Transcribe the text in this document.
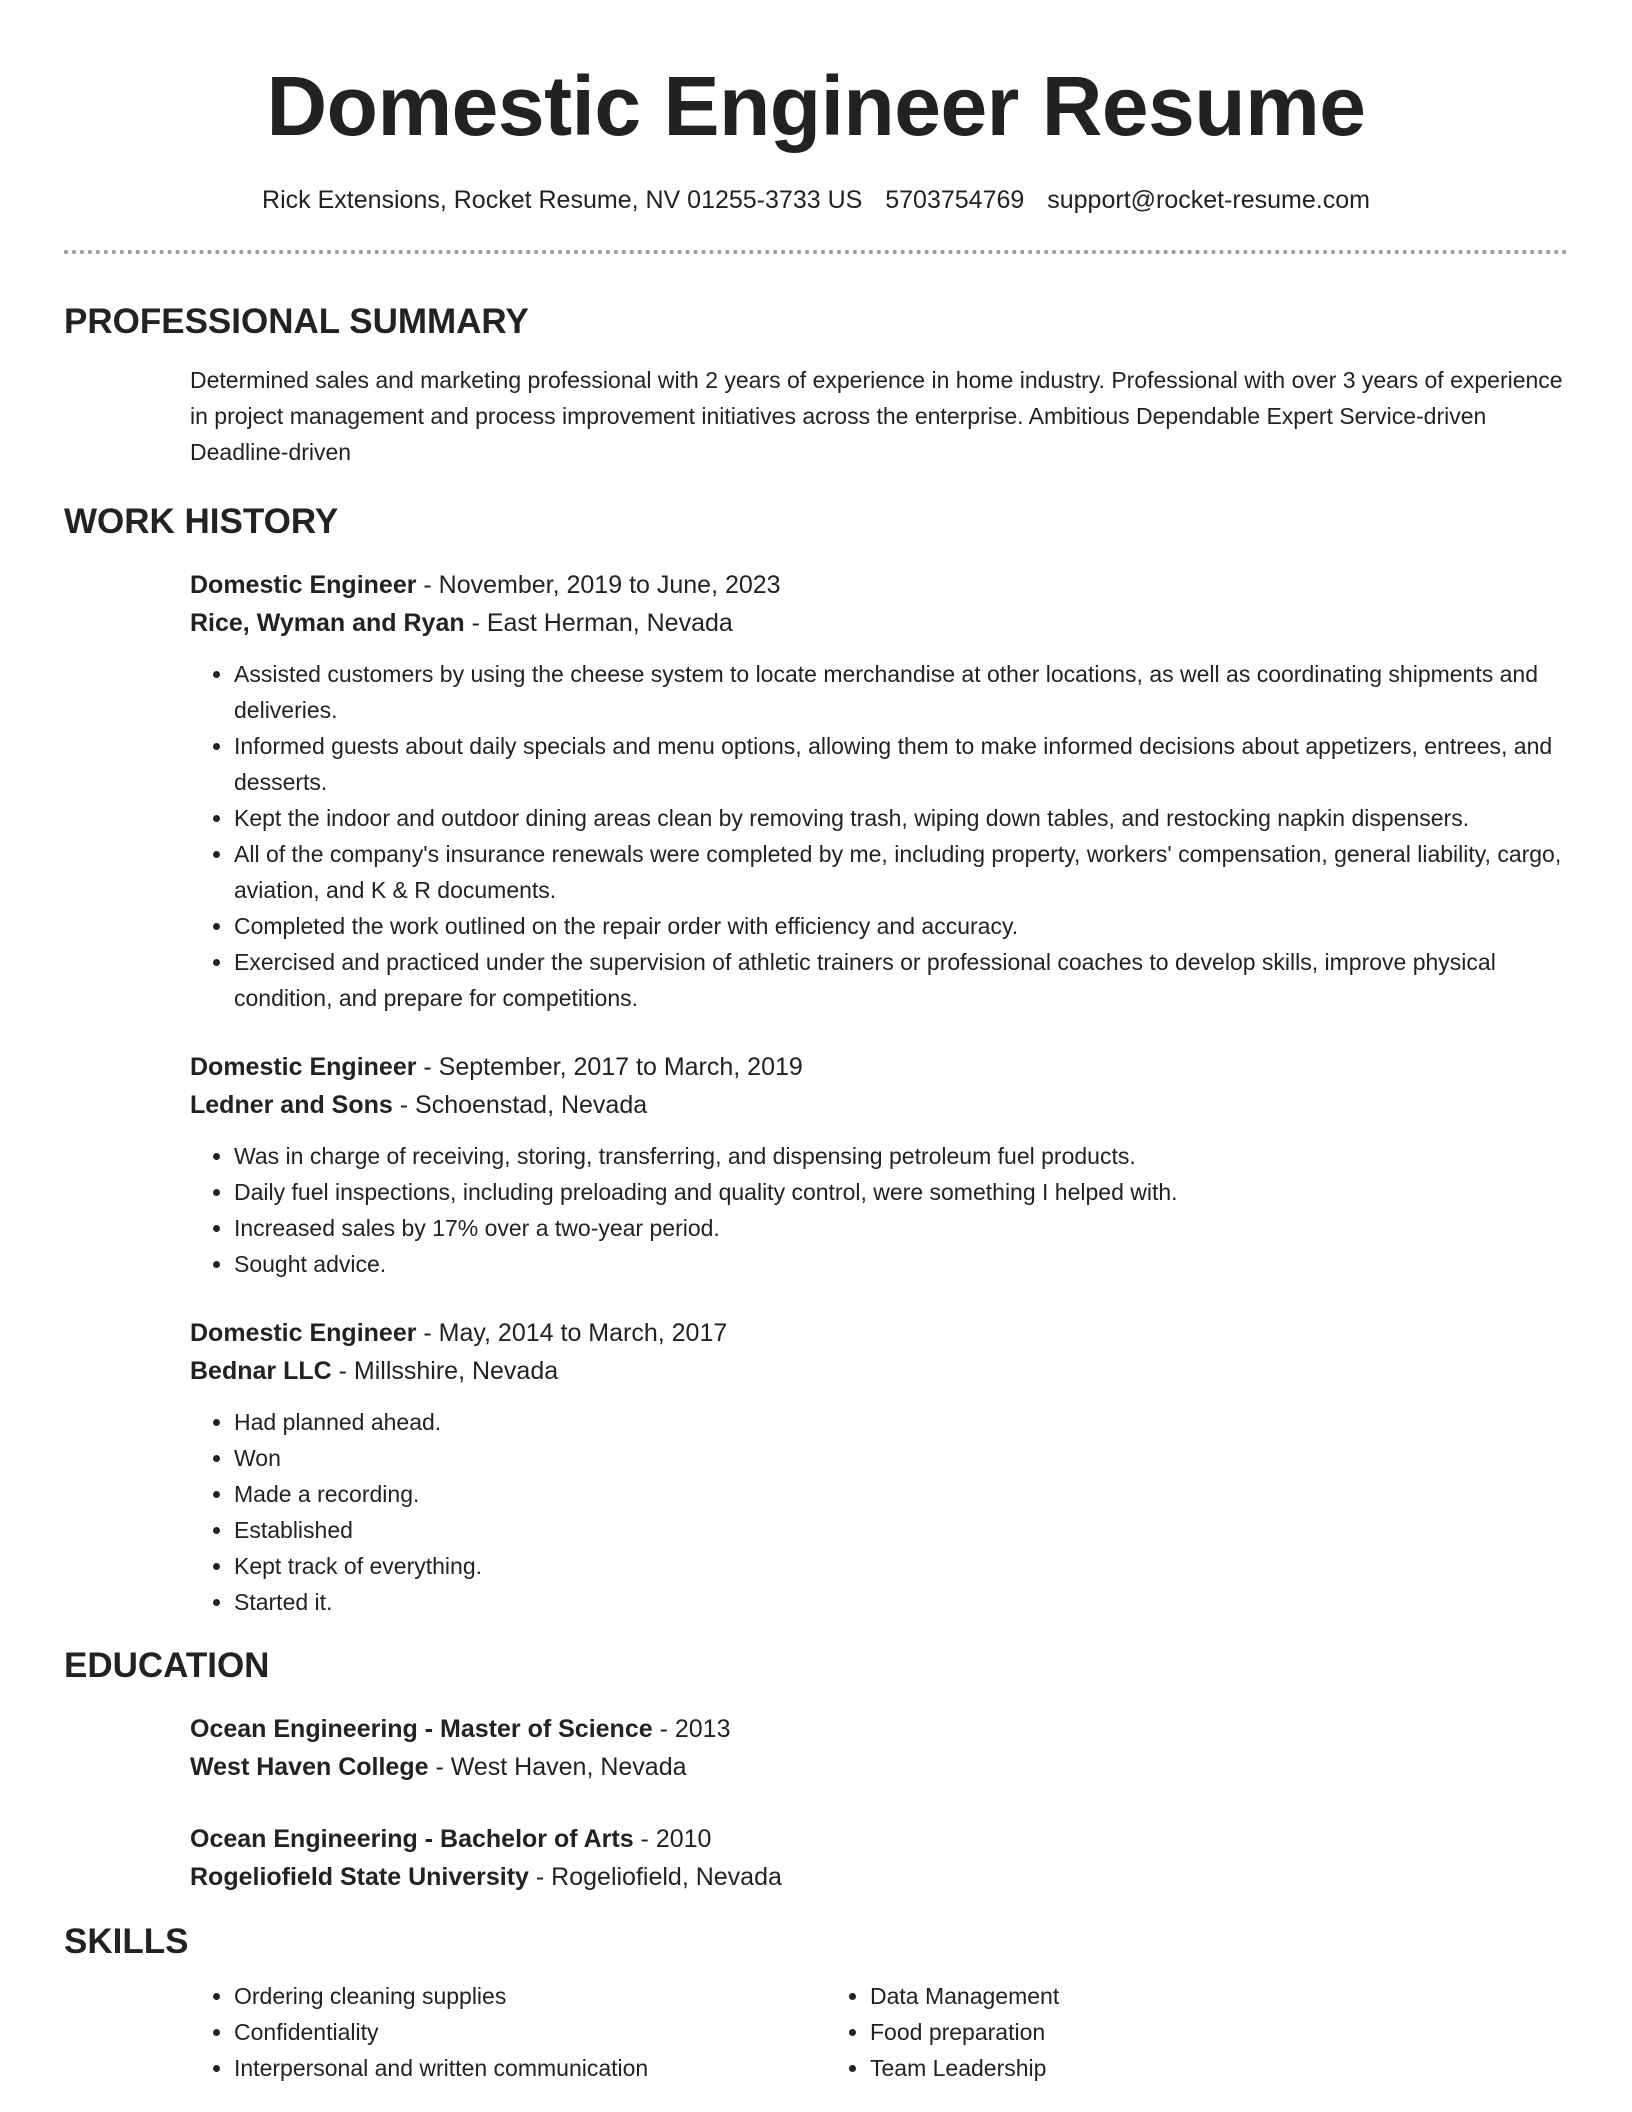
Domestic Engineer Resume
Rick Extensions, Rocket Resume, NV 01255-3733 US 5703754769 support@rocket-resume.com
PROFESSIONAL SUMMARY
Determined sales and marketing professional with 2 years of experience in home industry. Professional with over 3 years of experience in project management and process improvement initiatives across the enterprise. Ambitious Dependable Expert Service-driven Deadline-driven
WORK HISTORY
Domestic Engineer - November, 2019 to June, 2023
Rice, Wyman and Ryan - East Herman, Nevada
• Assisted customers by using the cheese system to locate merchandise at other locations, as well as coordinating shipments and deliveries.
• Informed guests about daily specials and menu options, allowing them to make informed decisions about appetizers, entrees, and desserts.
• Kept the indoor and outdoor dining areas clean by removing trash, wiping down tables, and restocking napkin dispensers.
• All of the company's insurance renewals were completed by me, including property, workers' compensation, general liability, cargo, aviation, and K & R documents.
• Completed the work outlined on the repair order with efficiency and accuracy.
• Exercised and practiced under the supervision of athletic trainers or professional coaches to develop skills, improve physical condition, and prepare for competitions.
Domestic Engineer - September, 2017 to March, 2019
Ledner and Sons - Schoenstad, Nevada
• Was in charge of receiving, storing, transferring, and dispensing petroleum fuel products.
• Daily fuel inspections, including preloading and quality control, were something I helped with.
• Increased sales by 17% over a two-year period.
• Sought advice.
Domestic Engineer - May, 2014 to March, 2017
Bednar LLC - Millsshire, Nevada
• Had planned ahead.
• Won
• Made a recording.
• Established
• Kept track of everything.
• Started it.
EDUCATION
Ocean Engineering - Master of Science - 2013
West Haven College - West Haven, Nevada
Ocean Engineering - Bachelor of Arts - 2010
Rogeliofield State University - Rogeliofield, Nevada
SKILLS
• Ordering cleaning supplies
• Confidentiality
• Interpersonal and written communication
• Data Management
• Food preparation
• Team Leadership
